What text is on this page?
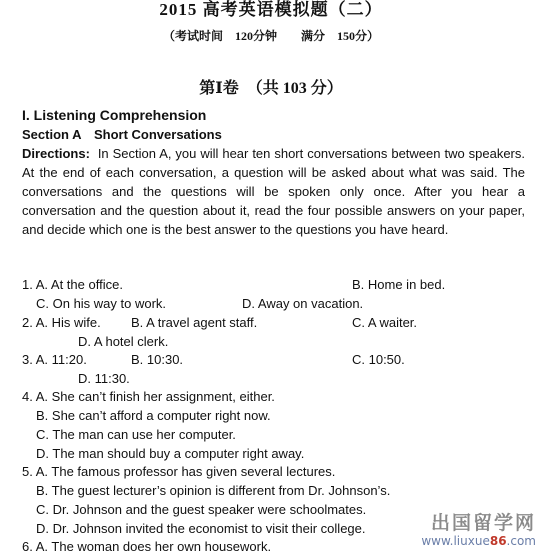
2015 高考英语模拟题（二）
（考试时间　120分钟　　满分　150分）
第Ⅰ卷　（共 103 分）
I. Listening Comprehension
Section A　Short Conversations
Directions: In Section A, you will hear ten short conversations between two speakers. At the end of each conversation, a question will be asked about what was said. The conversations and the questions will be spoken only once. After you hear a conversation and the question about it, read the four possible answers on your paper, and decide which one is the best answer to the questions you have heard.
1. A. At the office.	B. Home in bed.
C. On his way to work.	D. Away on vacation.
2. A. His wife. B. A travel agent staff.	C. A waiter.
D. A hotel clerk.
3. A. 11:20.	B. 10:30.	C. 10:50.
D. 11:30.
4. A. She can’t finish her assignment, either.
B. She can’t afford a computer right now.
C. The man can use her computer.
D. The man should buy a computer right away.
5. A. The famous professor has given several lectures.
B. The guest lecturer’s opinion is different from Dr. Johnson’s.
C. Dr. Johnson and the guest speaker were schoolmates.
D. Dr. Johnson invited the economist to visit their college.
6. A. The woman does her own housework.
出国留学网
www.liuxue86.com
